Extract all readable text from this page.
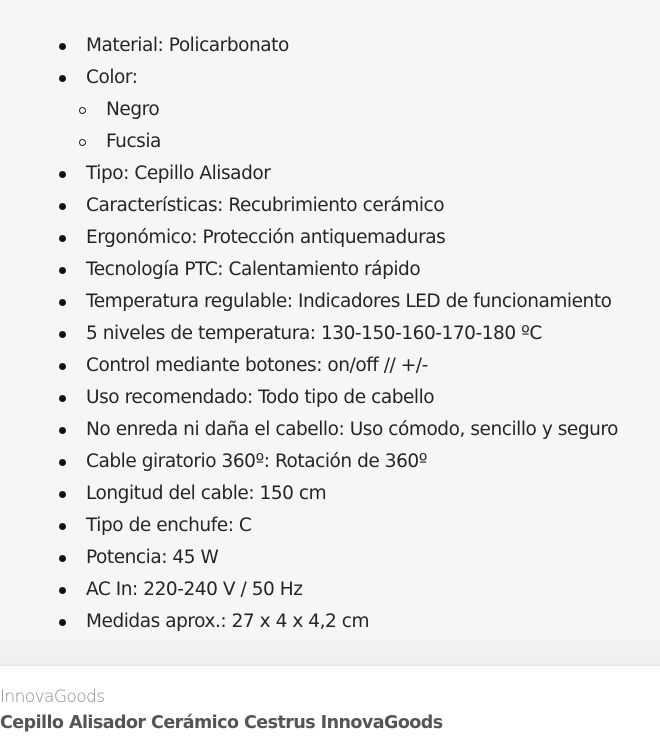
Material: Policarbonato
Color:
Negro
Fucsia
Tipo: Cepillo Alisador
Características: Recubrimiento cerámico
Ergonómico: Protección antiquemaduras
Tecnología PTC: Calentamiento rápido
Temperatura regulable: Indicadores LED de funcionamiento
5 niveles de temperatura: 130-150-160-170-180 ºC
Control mediante botones: on/off // +/-
Uso recomendado: Todo tipo de cabello
No enreda ni daña el cabello: Uso cómodo, sencillo y seguro
Cable giratorio 360º: Rotación de 360º
Longitud del cable: 150 cm
Tipo de enchufe: C
Potencia: 45 W
AC In: 220-240 V / 50 Hz
Medidas aprox.: 27 x 4 x 4,2 cm
InnovaGoods
Cepillo Alisador Cerámico Cestrus InnovaGoods
